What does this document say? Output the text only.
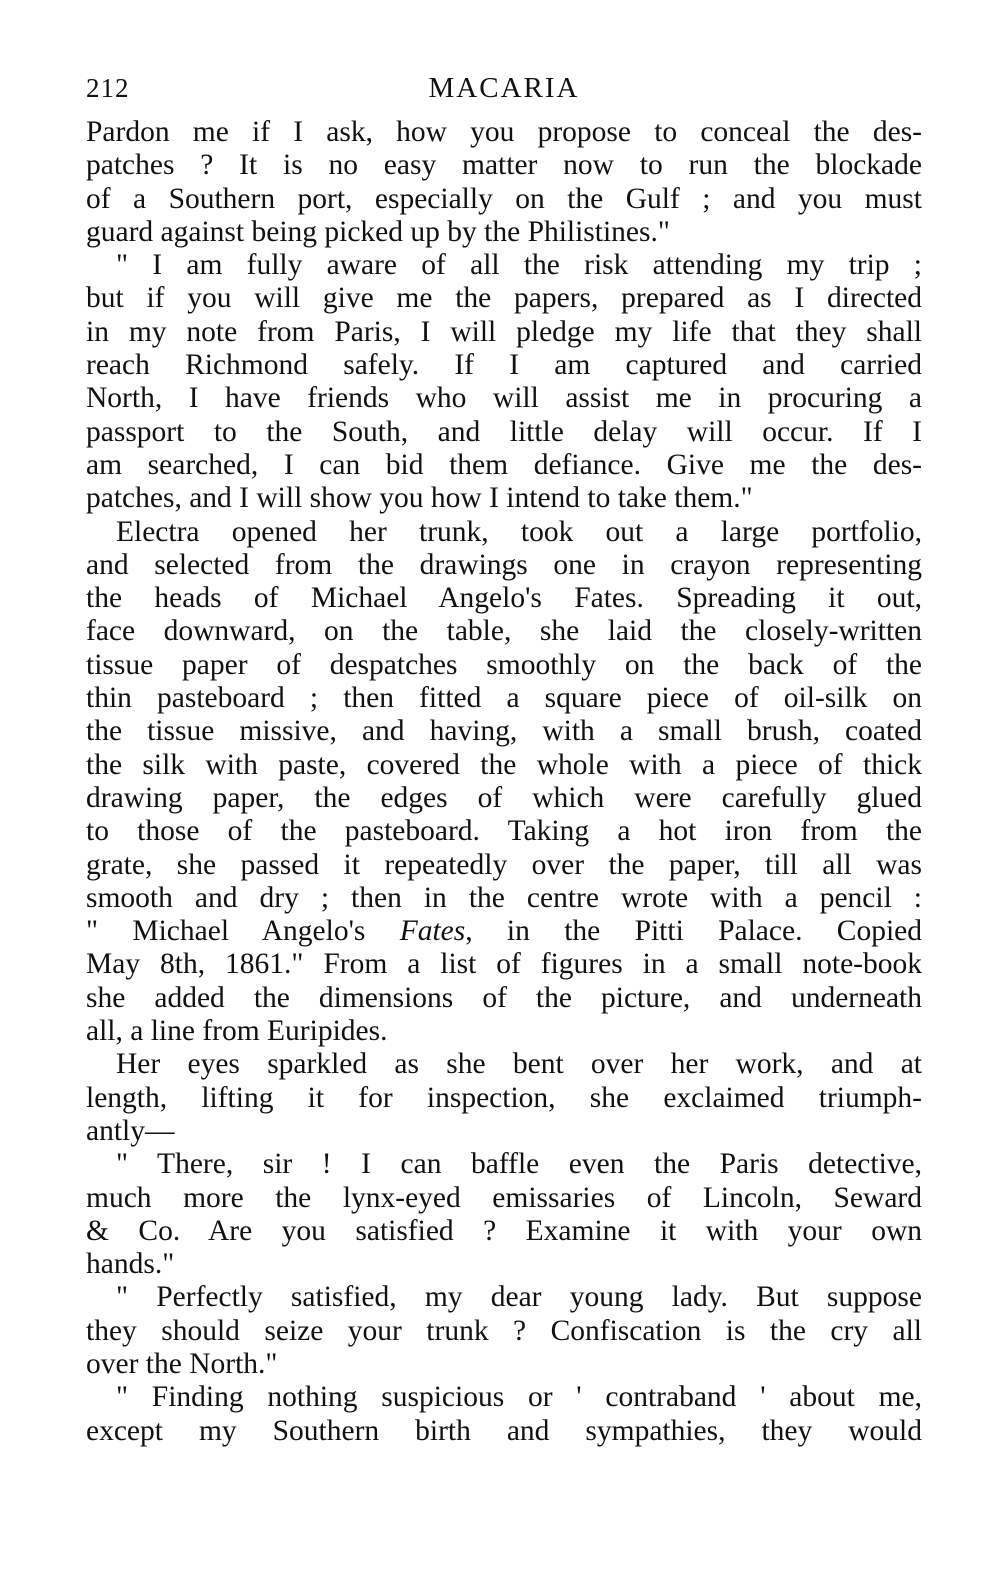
212	MACARIA
Pardon me if I ask, how you propose to conceal the des-
patches ? It is no easy matter now to run the blockade
of a Southern port, especially on the Gulf ; and you must
guard against being picked up by the Philistines."
" I am fully aware of all the risk attending my trip ;
but if you will give me the papers, prepared as I directed
in my note from Paris, I will pledge my life that they shall
reach Richmond safely. If I am captured and carried
North, I have friends who will assist me in procuring a
passport to the South, and little delay will occur. If I
am searched, I can bid them defiance. Give me the des-
patches, and I will show you how I intend to take them."
Electra opened her trunk, took out a large portfolio,
and selected from the drawings one in crayon representing
the heads of Michael Angelo's Fates. Spreading it out,
face downward, on the table, she laid the closely-written
tissue paper of despatches smoothly on the back of the
thin pasteboard ; then fitted a square piece of oil-silk on
the tissue missive, and having, with a small brush, coated
the silk with paste, covered the whole with a piece of thick
drawing paper, the edges of which were carefully glued
to those of the pasteboard. Taking a hot iron from the
grate, she passed it repeatedly over the paper, till all was
smooth and dry ; then in the centre wrote with a pencil :
" Michael Angelo's Fates, in the Pitti Palace. Copied
May 8th, 1861." From a list of figures in a small note-book
she added the dimensions of the picture, and underneath
all, a line from Euripides.
Her eyes sparkled as she bent over her work, and at
length, lifting it for inspection, she exclaimed triumph-
antly—
" There, sir ! I can baffle even the Paris detective,
much more the lynx-eyed emissaries of Lincoln, Seward
& Co. Are you satisfied ? Examine it with your own
hands."
" Perfectly satisfied, my dear young lady. But suppose
they should seize your trunk ? Confiscation is the cry all
over the North."
" Finding nothing suspicious or ' contraband ' about me,
except my Southern birth and sympathies, they would
